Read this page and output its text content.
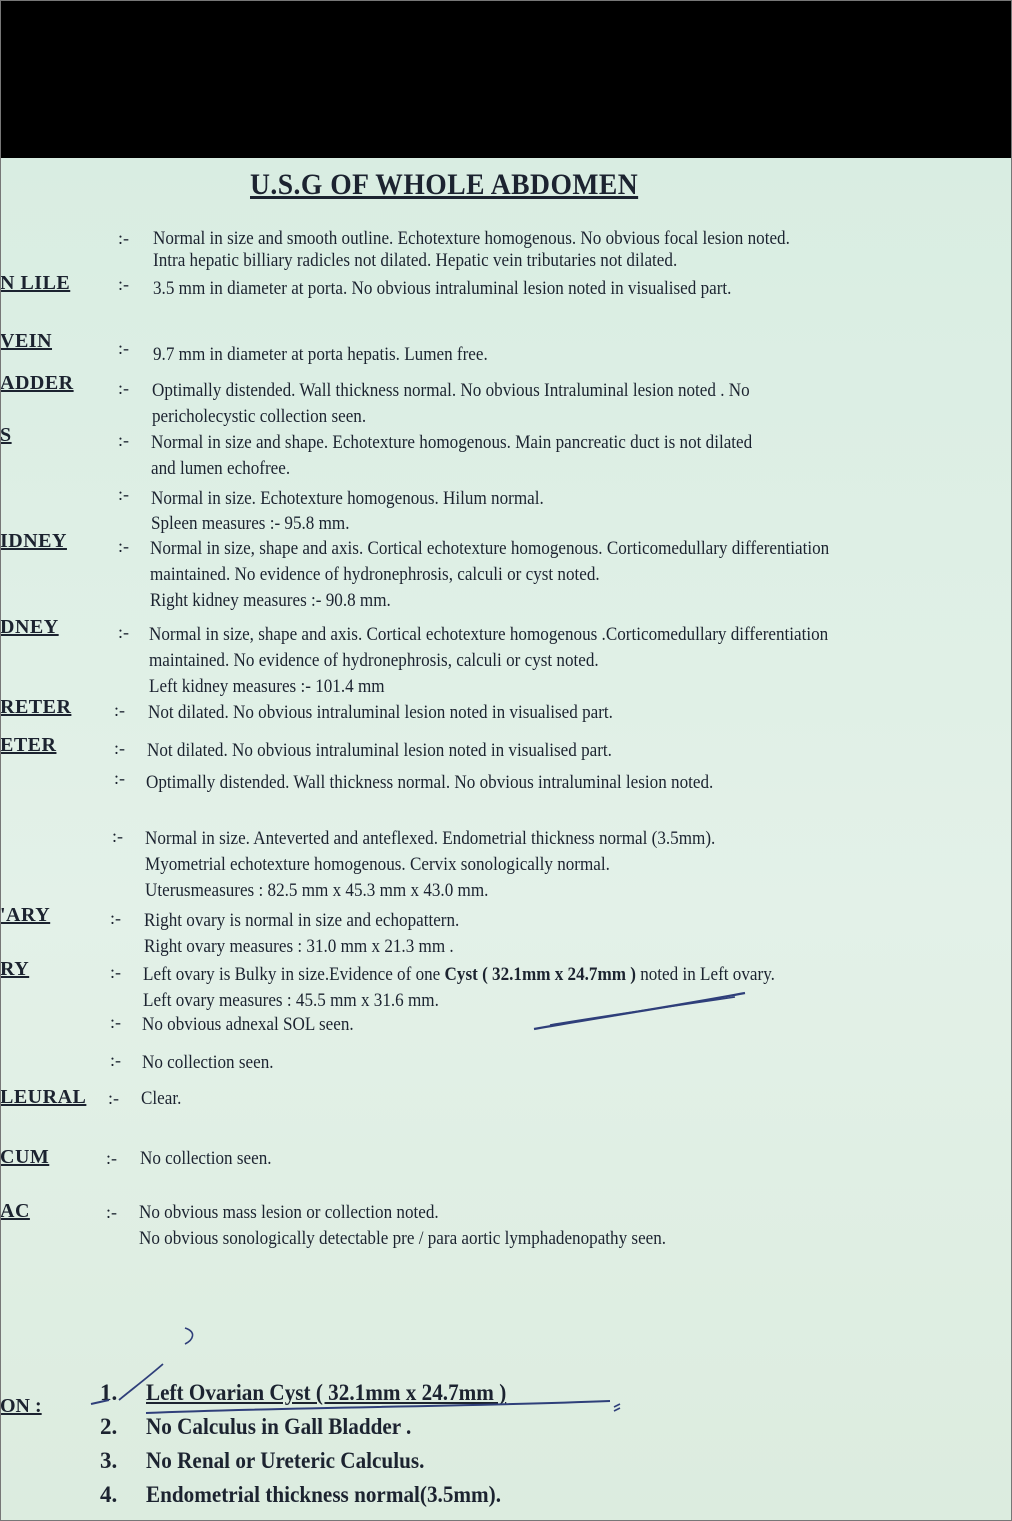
U.S.G OF WHOLE ABDOMEN
:- Normal in size and smooth outline. Echotexture homogenous. No obvious focal lesion noted.
Intra hepatic billiary radicles not dilated. Hepatic vein tributaries not dilated.
N LILE	:- 3.5 mm in diameter at porta. No obvious intraluminal lesion noted in visualised part.
VEIN	:- 9.7 mm in diameter at porta hepatis. Lumen free.
ADDER :- Optimally distended. Wall thickness normal. No obvious Intraluminal lesion noted . No
pericholecystic collection seen.
S	:- Normal in size and shape. Echotexture homogenous. Main pancreatic duct is not dilated
and lumen echofree.
:- Normal in size. Echotexture homogenous. Hilum normal.
Spleen measures :- 95.8 mm.
IDNEY	:- Normal in size, shape and axis. Cortical echotexture homogenous. Corticomedullary differentiation
maintained. No evidence of hydronephrosis, calculi or cyst noted.
Right kidney measures :- 90.8 mm.
DNEY	:- Normal in size, shape and axis. Cortical echotexture homogenous .Corticomedullary differentiation
maintained. No evidence of hydronephrosis, calculi or cyst noted.
Left kidney measures :- 101.4 mm
RETER :- Not dilated. No obvious intraluminal lesion noted in visualised part.
ETER	:- Not dilated. No obvious intraluminal lesion noted in visualised part.
:- Optimally distended. Wall thickness normal. No obvious intraluminal lesion noted.
:- Normal in size. Anteverted and anteflexed. Endometrial thickness normal (3.5mm).
Myometrial echotexture homogenous. Cervix sonologically normal.
Uterusmeasures : 82.5 mm x 45.3 mm x 43.0 mm.
'ARY	:- Right ovary is normal in size and echopattern.
Right ovary measures : 31.0 mm x 21.3 mm .
RY	:- Left ovary is Bulky in size.Evidence of one Cyst ( 32.1mm x 24.7mm ) noted in Left ovary.
Left ovary measures : 45.5 mm x 31.6 mm.
:- No obvious adnexal SOL seen.
:- No collection seen.
LEURAL :- Clear.
CUM	:- No collection seen.
AC	:- No obvious mass lesion or collection noted.
No obvious sonologically detectable pre / para aortic lymphadenopathy seen.
ON :
1. Left Ovarian Cyst ( 32.1mm x 24.7mm )
2. No Calculus in Gall Bladder .
3. No Renal or Ureteric Calculus.
4. Endometrial thickness normal(3.5mm).
